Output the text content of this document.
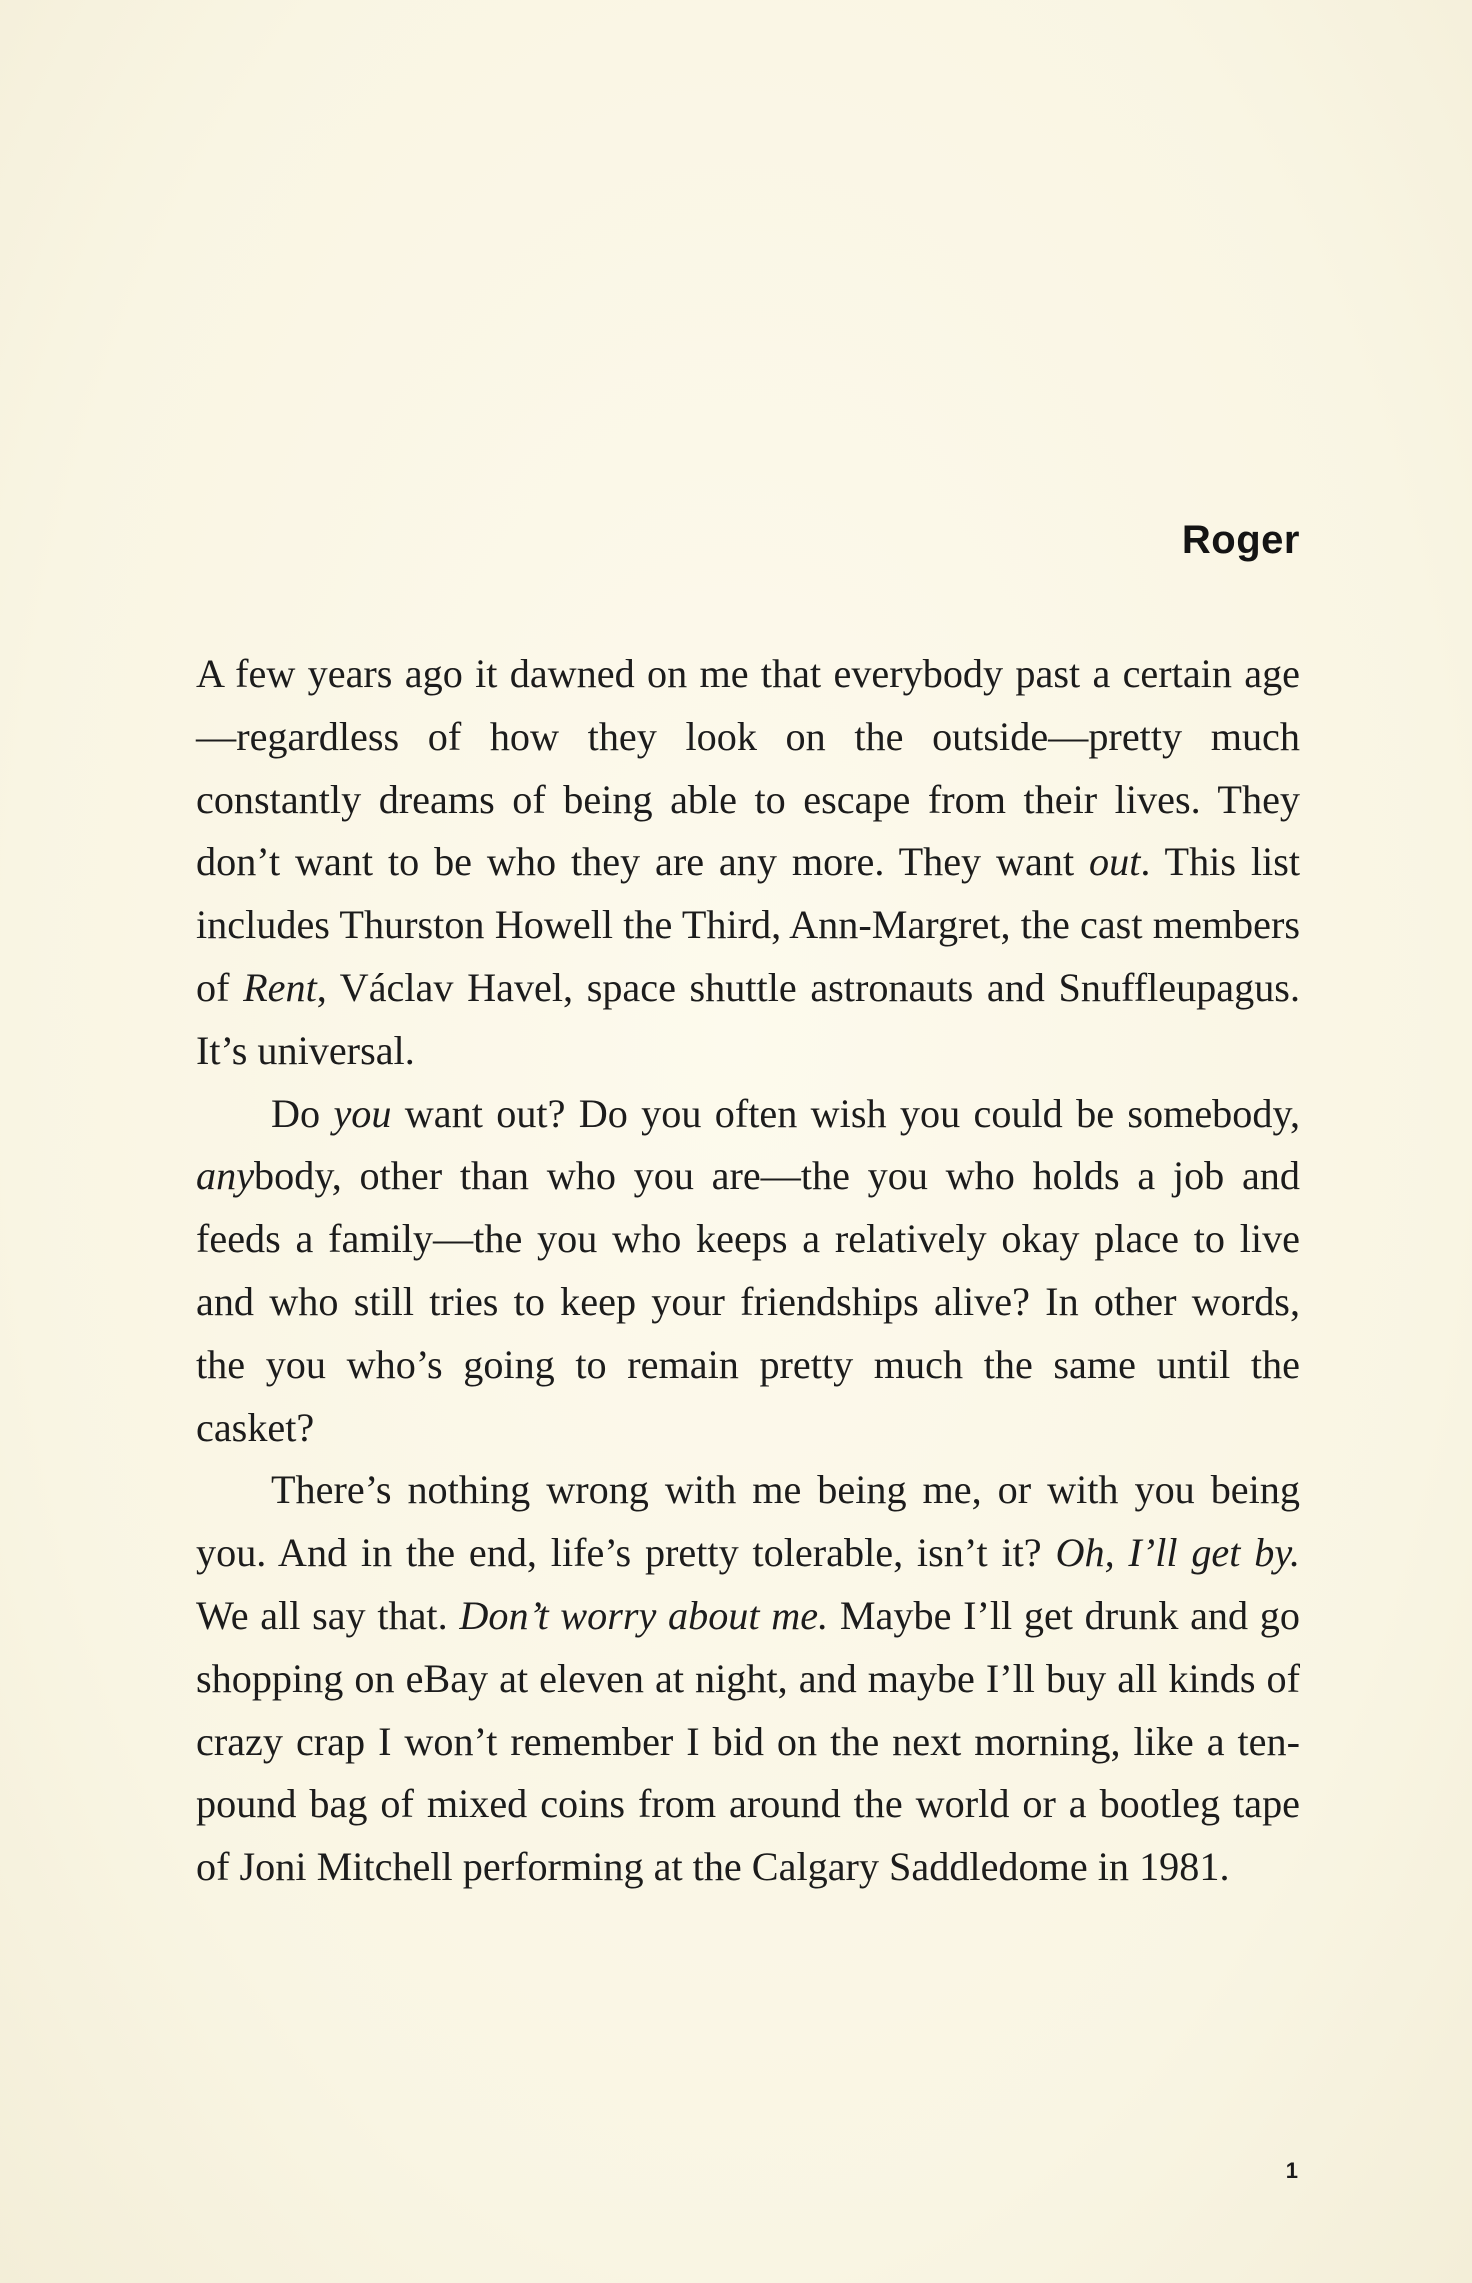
Roger

A few years ago it dawned on me that everybody past a certain age—regardless of how they look on the outside—pretty much constantly dreams of being able to escape from their lives. They don’t want to be who they are any more. They want out. This list includes Thurston Howell the Third, Ann-Margret, the cast members of Rent, Václav Havel, space shuttle astronauts and Snuffleupagus. It’s universal.

Do you want out? Do you often wish you could be somebody, anybody, other than who you are—the you who holds a job and feeds a family—the you who keeps a relatively okay place to live and who still tries to keep your friendships alive? In other words, the you who’s going to remain pretty much the same until the casket?

There’s nothing wrong with me being me, or with you being you. And in the end, life’s pretty tolerable, isn’t it? Oh, I’ll get by. We all say that. Don’t worry about me. Maybe I’ll get drunk and go shopping on eBay at eleven at night, and maybe I’ll buy all kinds of crazy crap I won’t remember I bid on the next morning, like a ten-pound bag of mixed coins from around the world or a bootleg tape of Joni Mitchell performing at the Calgary Saddledome in 1981.

1
